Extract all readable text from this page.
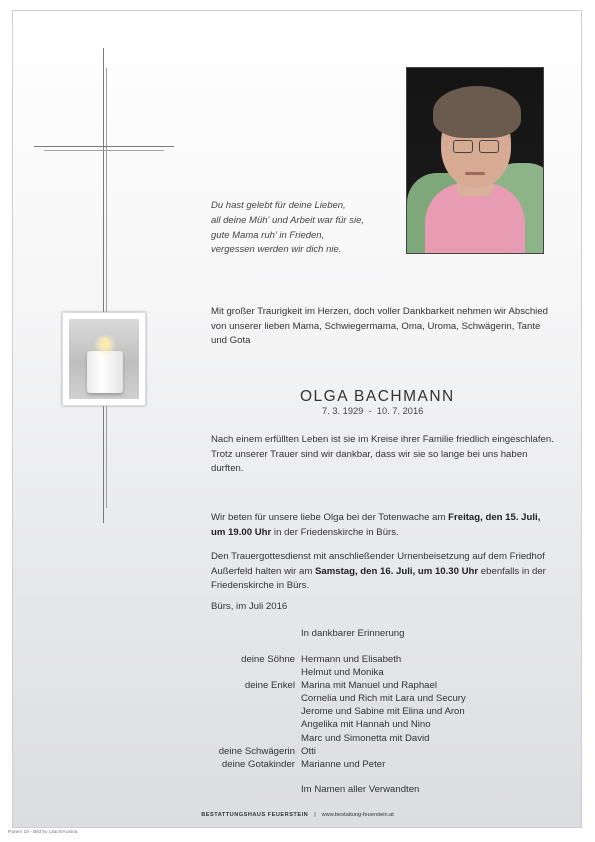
Du hast gelebt für deine Lieben,
all deine Müh' und Arbeit war für sie,
gute Mama ruh' in Frieden,
vergessen werden wir dich nie.
Mit großer Traurigkeit im Herzen, doch voller Dankbarkeit nehmen wir Abschied von unserer lieben Mama, Schwiegermama, Oma, Uroma, Schwägerin, Tante und Gota
OLGA BACHMANN
7. 3. 1929  -  10. 7. 2016
Nach einem erfüllten Leben ist sie im Kreise ihrer Familie friedlich eingeschlafen. Trotz unserer Trauer sind wir dankbar, dass wir sie so lange bei uns haben durften.
Wir beten für unsere liebe Olga bei der Totenwache am Freitag, den 15. Juli, um 19.00 Uhr in der Friedenskirche in Bürs.
Den Trauergottesdienst mit anschließender Urnenbeisetzung auf dem Friedhof Außerfeld halten wir am Samstag, den 16. Juli, um 10.30 Uhr ebenfalls in der Friedenskirche in Bürs.
Bürs, im Juli 2016
In dankbarer Erinnerung
deine Söhne Hermann und Elisabeth
Helmut und Monika
deine Enkel Marina mit Manuel und Raphael
Cornelia und Rich mit Lara und Secury
Jerome und Sabine mit Elina und Aron
Angelika mit Hannah und Nino
Marc und Simonetta mit David
deine Schwägerin Otti
deine Gotakinder Marianne und Peter
Im Namen aller Verwandten
BESTATTUNGSHAUS FEUERSTEIN | www.bestattung-feuerstein.at
Parten 19 - Bild by Lilach/Austria
